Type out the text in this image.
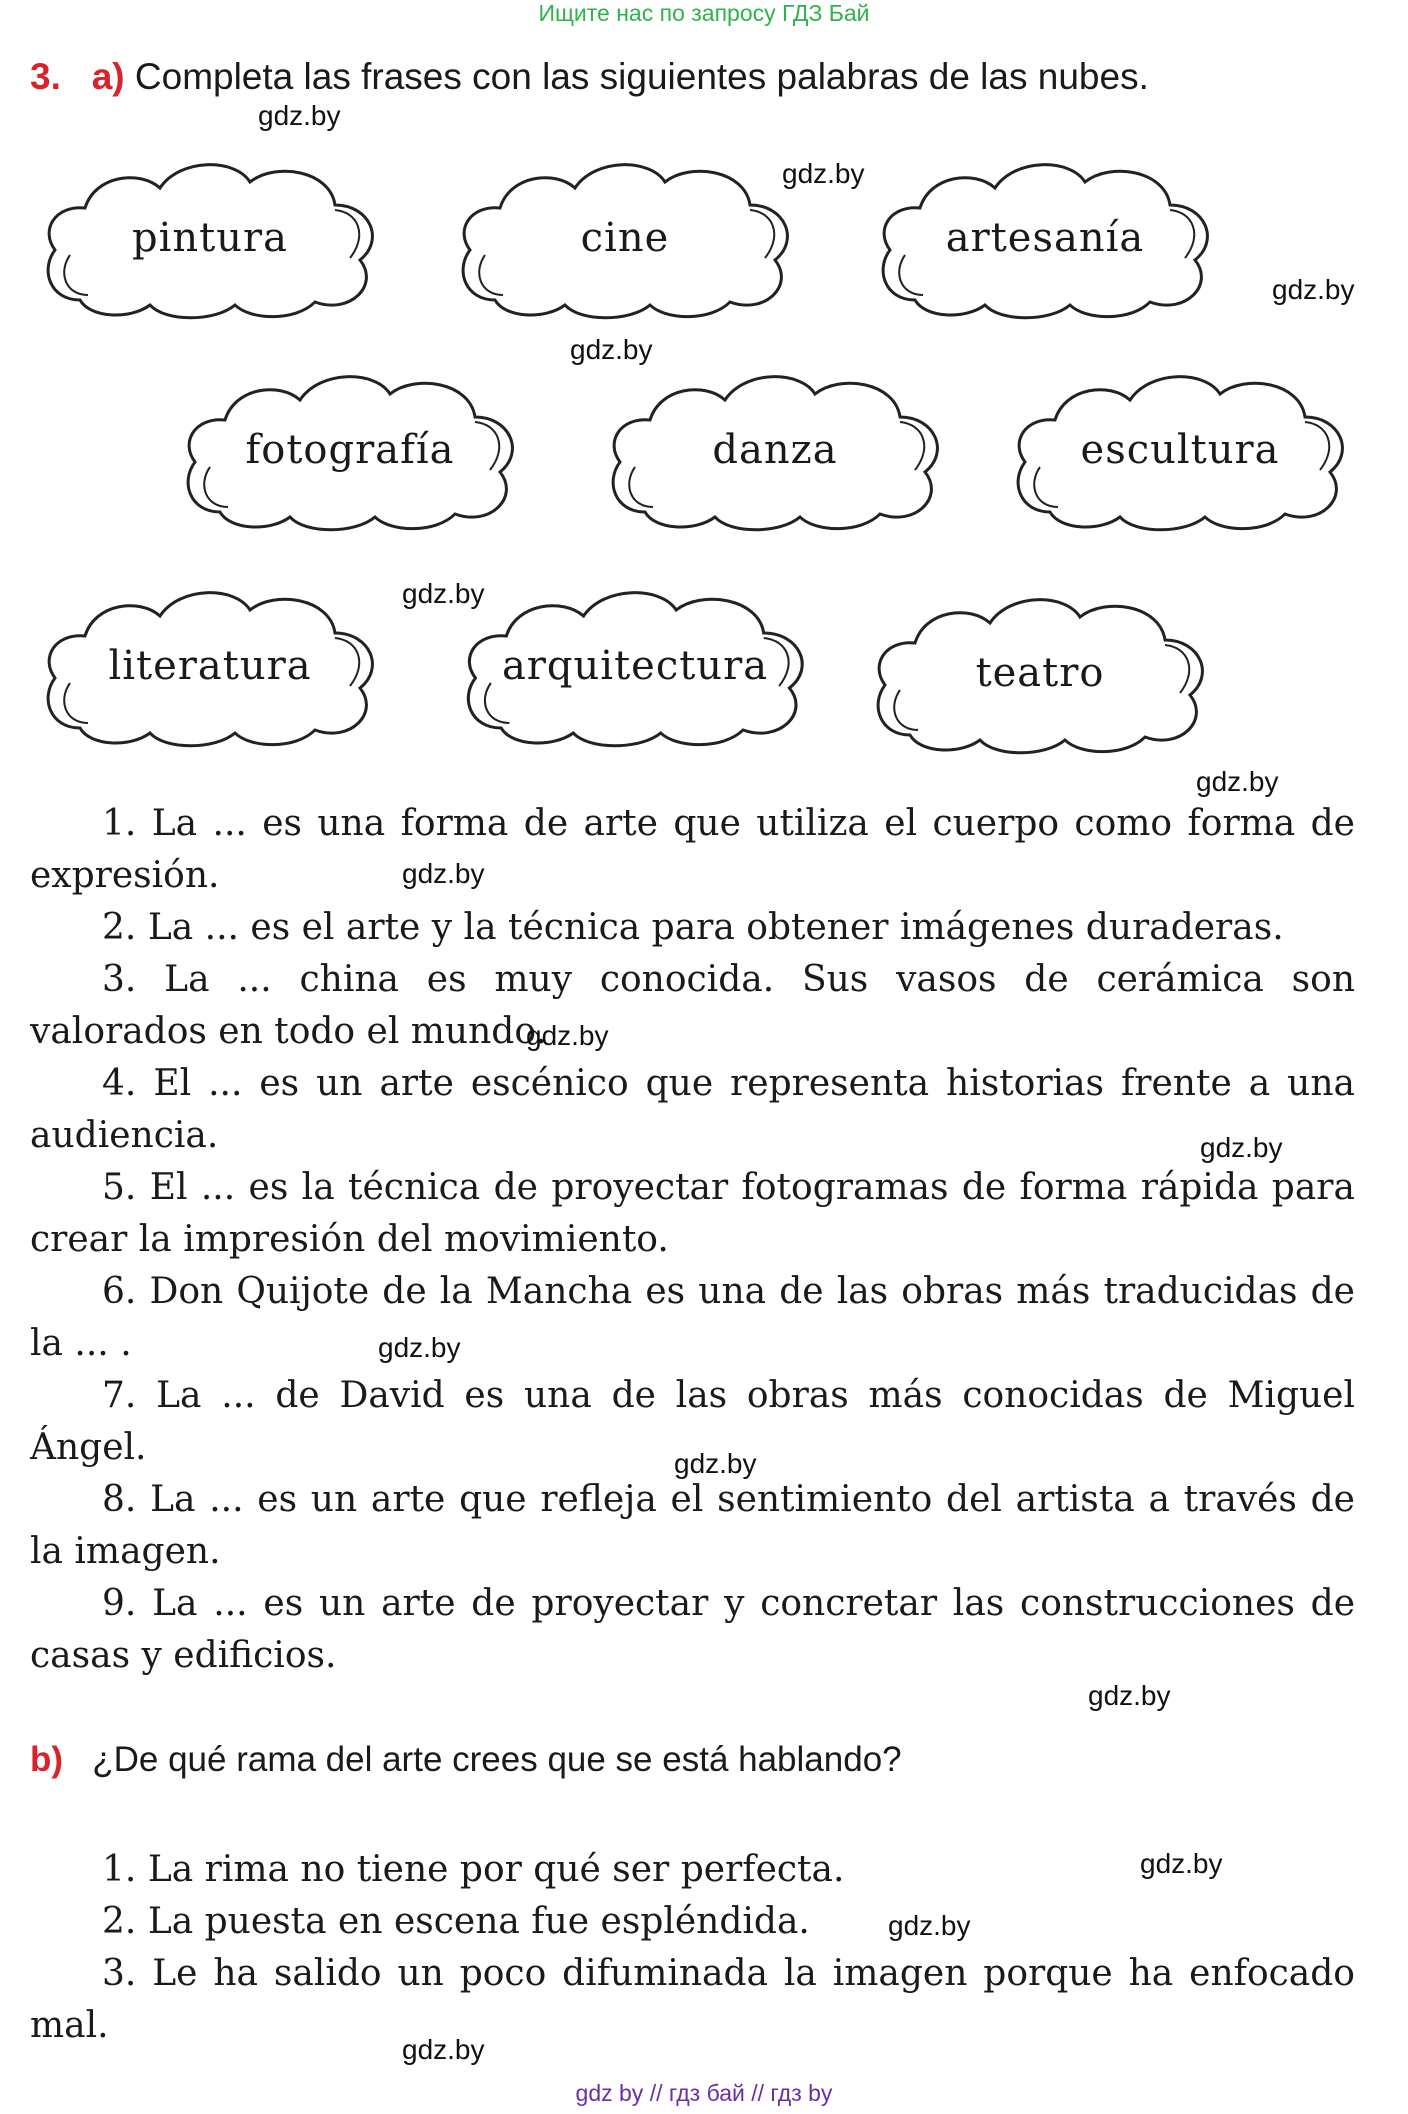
Ищите нас по запросу ГДЗ Бай
3. a) Completa las frases con las siguientes palabras de las nubes.
pintura	cine	artesanía
fotografía	danza	escultura
literatura	arquitectura	teatro
1. La ... es una forma de arte que utiliza el cuerpo como forma de expresión.
2. La ... es el arte y la técnica para obtener imágenes duraderas.
3. La ... china es muy conocida. Sus vasos de cerámica son valorados en todo el mundo.
4. El ... es un arte escénico que representa historias frente a una audiencia.
5. El ... es la técnica de proyectar fotogramas de forma rápida para crear la impresión del movimiento.
6. Don Quijote de la Mancha es una de las obras más traducidas de la ... .
7. La ... de David es una de las obras más conocidas de Miguel Ángel.
8. La ... es un arte que refleja el sentimiento del artista a través de la imagen.
9. La ... es un arte de proyectar y concretar las construcciones de casas y edificios.
b) ¿De qué rama del arte crees que se está hablando?
1. La rima no tiene por qué ser perfecta.
2. La puesta en escena fue espléndida.
3. Le ha salido un poco difuminada la imagen porque ha enfocado mal.
gdz.by
gdz.by
gdz.by
gdz.by
gdz.by
gdz.by
gdz.by
gdz.by
gdz.by
gdz.by
gdz.by
gdz.by
gdz.by
gdz.by
gdz.by
gdz by // гдз бай // гдз by
